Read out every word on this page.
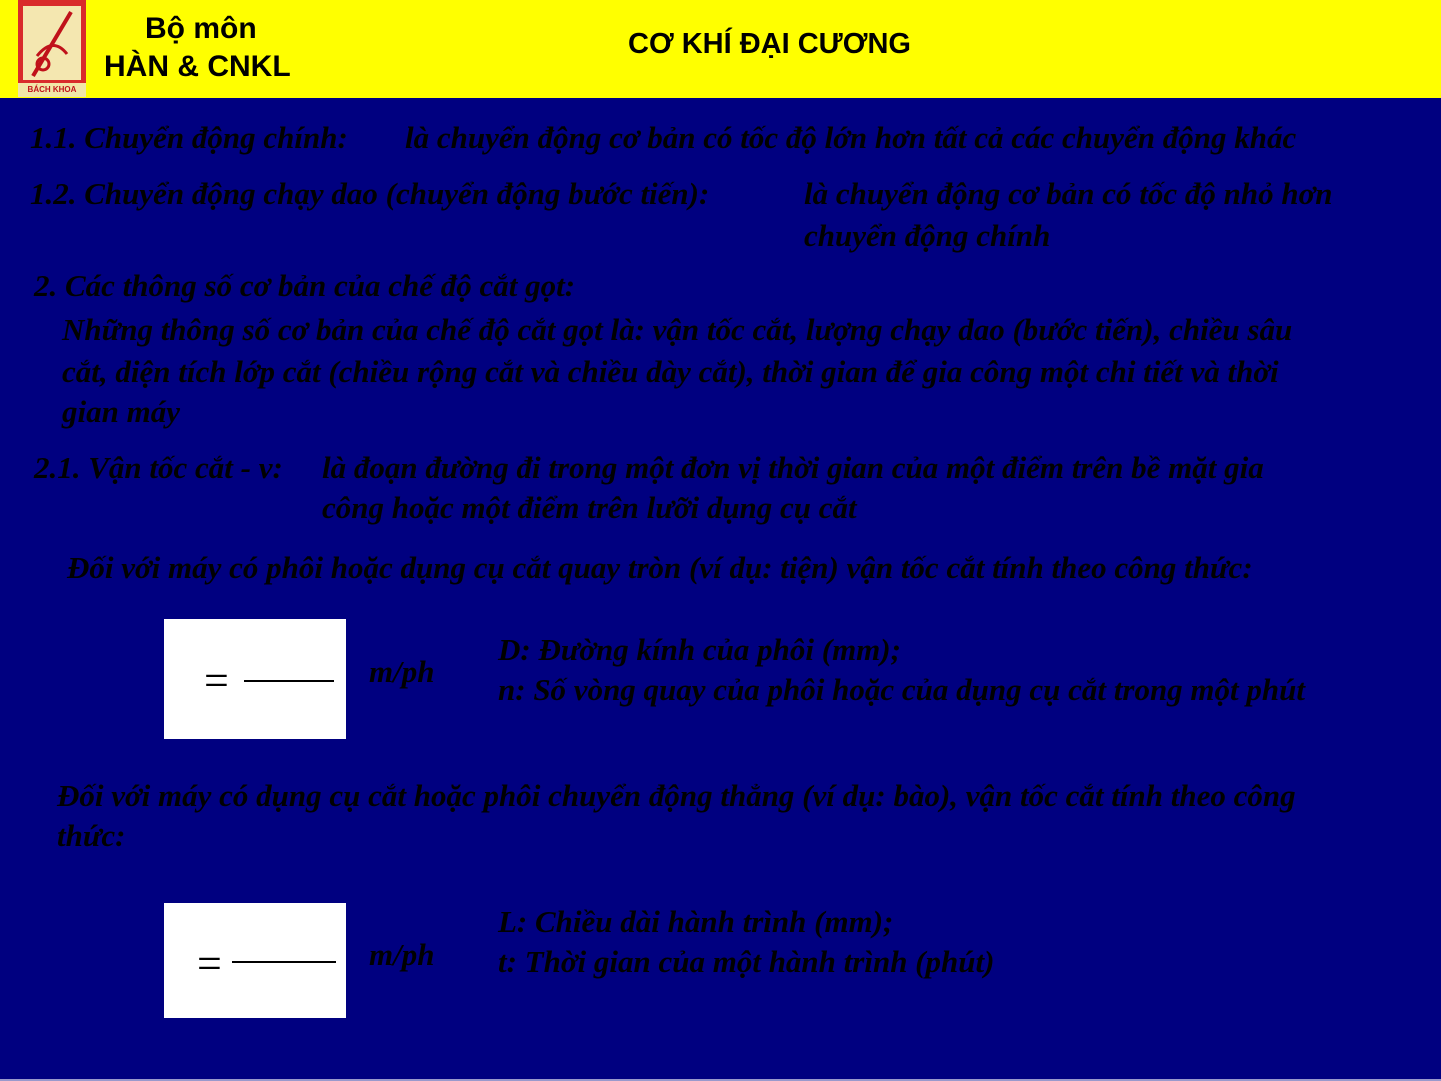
BÁCH KHOA
Bộ môn
HÀN & CNKL
CƠ KHÍ ĐẠI CƯƠNG
1.1. Chuyển động chính: là chuyển động cơ bản có tốc độ lớn hơn tất cả các chuyển động khác
1.2. Chuyển động chạy dao (chuyển động bước tiến):	là chuyển động cơ bản có tốc độ nhỏ hơn
chuyển động chính
2. Các thông số cơ bản của chế độ cắt gọt:
Những thông số cơ bản của chế độ cắt gọt là: vận tốc cắt, lượng chạy dao (bước tiến), chiều sâu
cắt, diện tích lớp cắt (chiều rộng cắt và chiều dày cắt), thời gian để gia công một chi tiết và thời
gian máy
2.1. Vận tốc cắt - v: là đoạn đường đi trong một đơn vị thời gian của một điểm trên bề mặt gia
công hoặc một điểm trên lưỡi dụng cụ cắt
Đối với máy có phôi hoặc dụng cụ cắt quay tròn (ví dụ: tiện) vận tốc cắt tính theo công thức:
=	m/ph
D: Đường kính của phôi (mm);
n: Số vòng quay của phôi hoặc của dụng cụ cắt trong một phút
Đối với máy có dụng cụ cắt hoặc phôi chuyển động thẳng (ví dụ: bào), vận tốc cắt tính theo công
thức:
=	m/ph
L: Chiều dài hành trình (mm);
t: Thời gian của một hành trình (phút)
